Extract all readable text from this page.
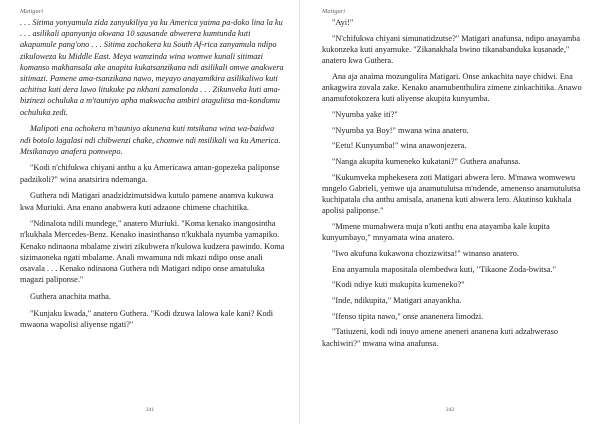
Matigari

. . . Sitima yonyamula zida zanyukiliya ya ku America yaima pa-doko lina la ku . . . asilikali apanyanja okwana 10 sausande abwerera kumtunda kuti akapumule pang'ono . . . Sitima zochokera ku South Af-rica zanyamula ndipo zikuloweza ku Middle East. Meya wamzinda wina womwe kunali sitimazi komanso makhansala ake anapita kukatsanzikana ndi asilikali omwe anakwera sitimazi. Pamene ama-tsanzikana nawo, meyayo anayamikira asilikaliwo kuti achitisa kuti dera lawo litukuke pa nkhani zamalonda . . . Zikunveka kuti ama-bizinezi ochuluka a m'tauniyo apha makwacha ambiri atagulitsa ma-kondomu ochuluka zedi.

Malipoti ena ochokera m'tauniyo akunena kuti mtsikana wina wa-baidwa ndi botolo lagalasi ndi chibwenzi chake, chomwe ndi msilikali wa ku America. Mtsikanayo anafera pomwepo.

"Kodi n'chifukwa chiyani anthu a ku Americawa aman-gopezeka paliponse padzikoli?" wina anatsirira ndemanga.

Guthera ndi Matigari anadzidzimutsidwa kutulo pamene anamva kukuwa kwa Muriuki. Ana enano anabwera kuti adzaone chimene chachitika.

"Ndinalota ndili mundege," anatero Muriuki. "Koma kenako inangosintha n'kukhala Mercedes-Benz. Kenako inasinthanso n'kukhala nyumba yamapiko. Kenako ndinaona mbalame ziwiri zikubwera n'kulowa kudzera pawindo. Koma sizimaoneka ngati mbalame. Anali mwamuna ndi mkazi ndipo onse anali osavala . . . Kenako ndinaona Guthera ndi Matigari ndipo onse amatuluka magazi paliponse."

Guthera anachita matha.

"Kunjaku kwada," anatero Guthera. "Kodi dzuwa lalowa kale kani? Kodi mwaona wapolisi aliyense ngati?"

241
Matigari

"Ayi!"

"N'chifukwa chiyani simunatidzutse?" Matigari anafunsa, ndipo anayamba kukonzeka kuti anyamuke. "Zikanakhala bwino tikanabanduka kusanade," anatero kwa Guthera.

Ana aja anaima mozungulira Matigari. Onse ankachita naye chidwi. Ena ankagwira zovala zake. Kenako anamubenthulira zimene zinkachitika. Anawo anamufotokozera kuti aliyense akupita kunyumba.

"Nyumba yake iti?"

"Nyumba ya Boy!" mwana wina anatero.

"Eetu! Kunyumba!" wina anawonjezera.

"Nanga akupita kumeneko kukatani?" Guthera anafunsa.

"Kukumveka mphekesera zoti Matigari abwera lero. M'mawa womwewu mngelo Gabrieli, yemwe uja anamutulutsa m'ndende, amenenso anamutulutsa kuchipatala cha anthu amisala, ananena kuti abwera lero. Akutinso kukhala apolisi paliponse."

"Mmene mumabwera muja n'kuti anthu ena atayamba kale kupita kunyumbayo," mnyamata wina anatero.

"Iwo akufuna kukawona chozizwitsa!" winanso anatero.

Ena anyamula mapositala olembedwa kuti, "Tikaone Zoda-bwitsa."

"Kodi ndiye kuti mukupita kumeneko?"

"Inde, ndikupita," Matigari anayankha.

"Ifenso tipita nawo," onse ananenera limodzi.

"Tatiuzeni, kodi ndi inuyo amene aneneri ananena kuti adzabweraso kachiwiri?" mwana wina anafunsa.

242
